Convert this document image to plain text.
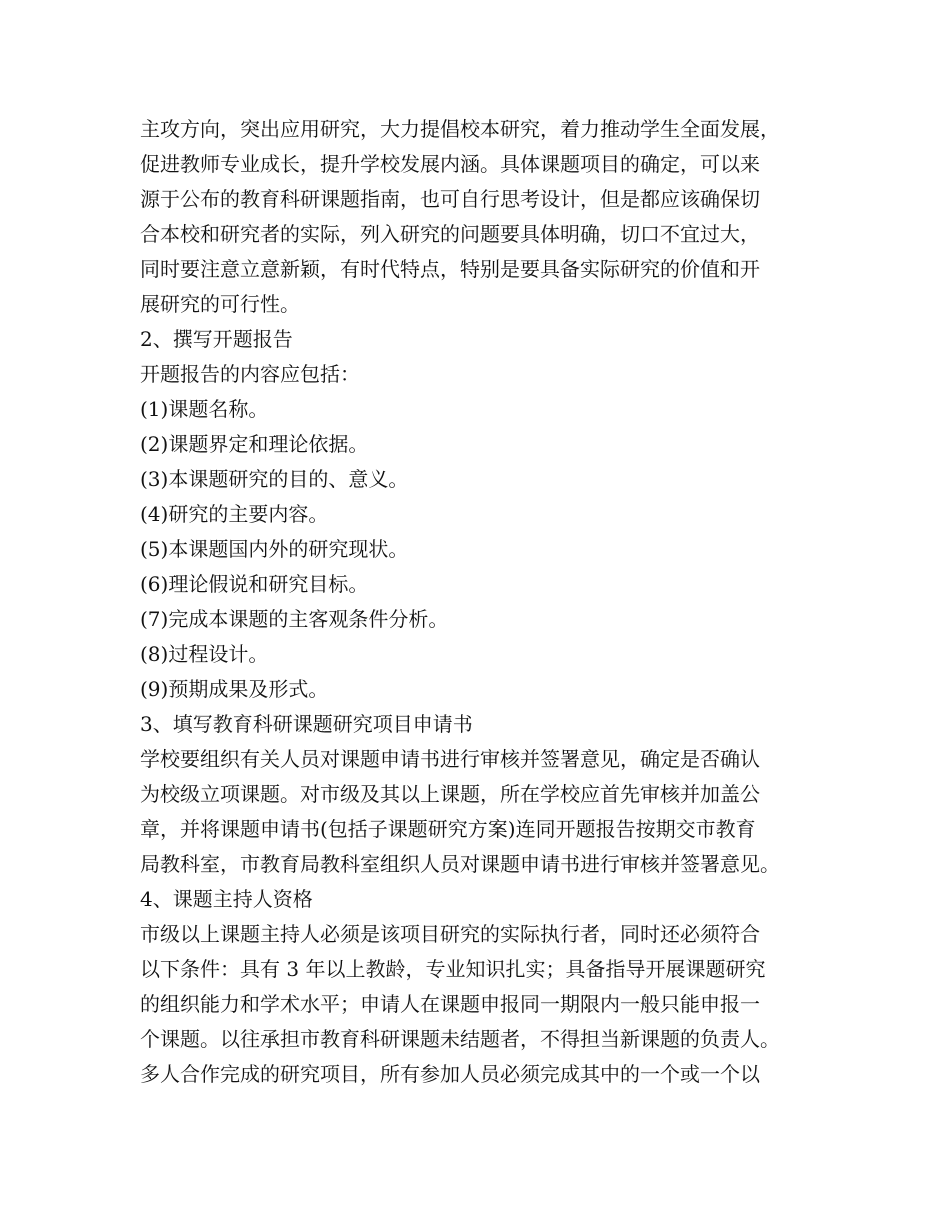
主攻方向，突出应用研究，大力提倡校本研究，着力推动学生全面发展，
促进教师专业成长，提升学校发展内涵。具体课题项目的确定，可以来
源于公布的教育科研课题指南，也可自行思考设计，但是都应该确保切
合本校和研究者的实际，列入研究的问题要具体明确，切口不宜过大，
同时要注意立意新颖，有时代特点，特别是要具备实际研究的价值和开
展研究的可行性。
2、撰写开题报告
开题报告的内容应包括：
(1)课题名称。
(2)课题界定和理论依据。
(3)本课题研究的目的、意义。
(4)研究的主要内容。
(5)本课题国内外的研究现状。
(6)理论假说和研究目标。
(7)完成本课题的主客观条件分析。
(8)过程设计。
(9)预期成果及形式。
3、填写教育科研课题研究项目申请书
学校要组织有关人员对课题申请书进行审核并签署意见，确定是否确认
为校级立项课题。对市级及其以上课题，所在学校应首先审核并加盖公
章，并将课题申请书(包括子课题研究方案)连同开题报告按期交市教育
局教科室，市教育局教科室组织人员对课题申请书进行审核并签署意见。
4、课题主持人资格
市级以上课题主持人必须是该项目研究的实际执行者，同时还必须符合
以下条件：具有 3 年以上教龄，专业知识扎实；具备指导开展课题研究
的组织能力和学术水平；申请人在课题申报同一期限内一般只能申报一
个课题。以往承担市教育科研课题未结题者，不得担当新课题的负责人。
多人合作完成的研究项目，所有参加人员必须完成其中的一个或一个以
